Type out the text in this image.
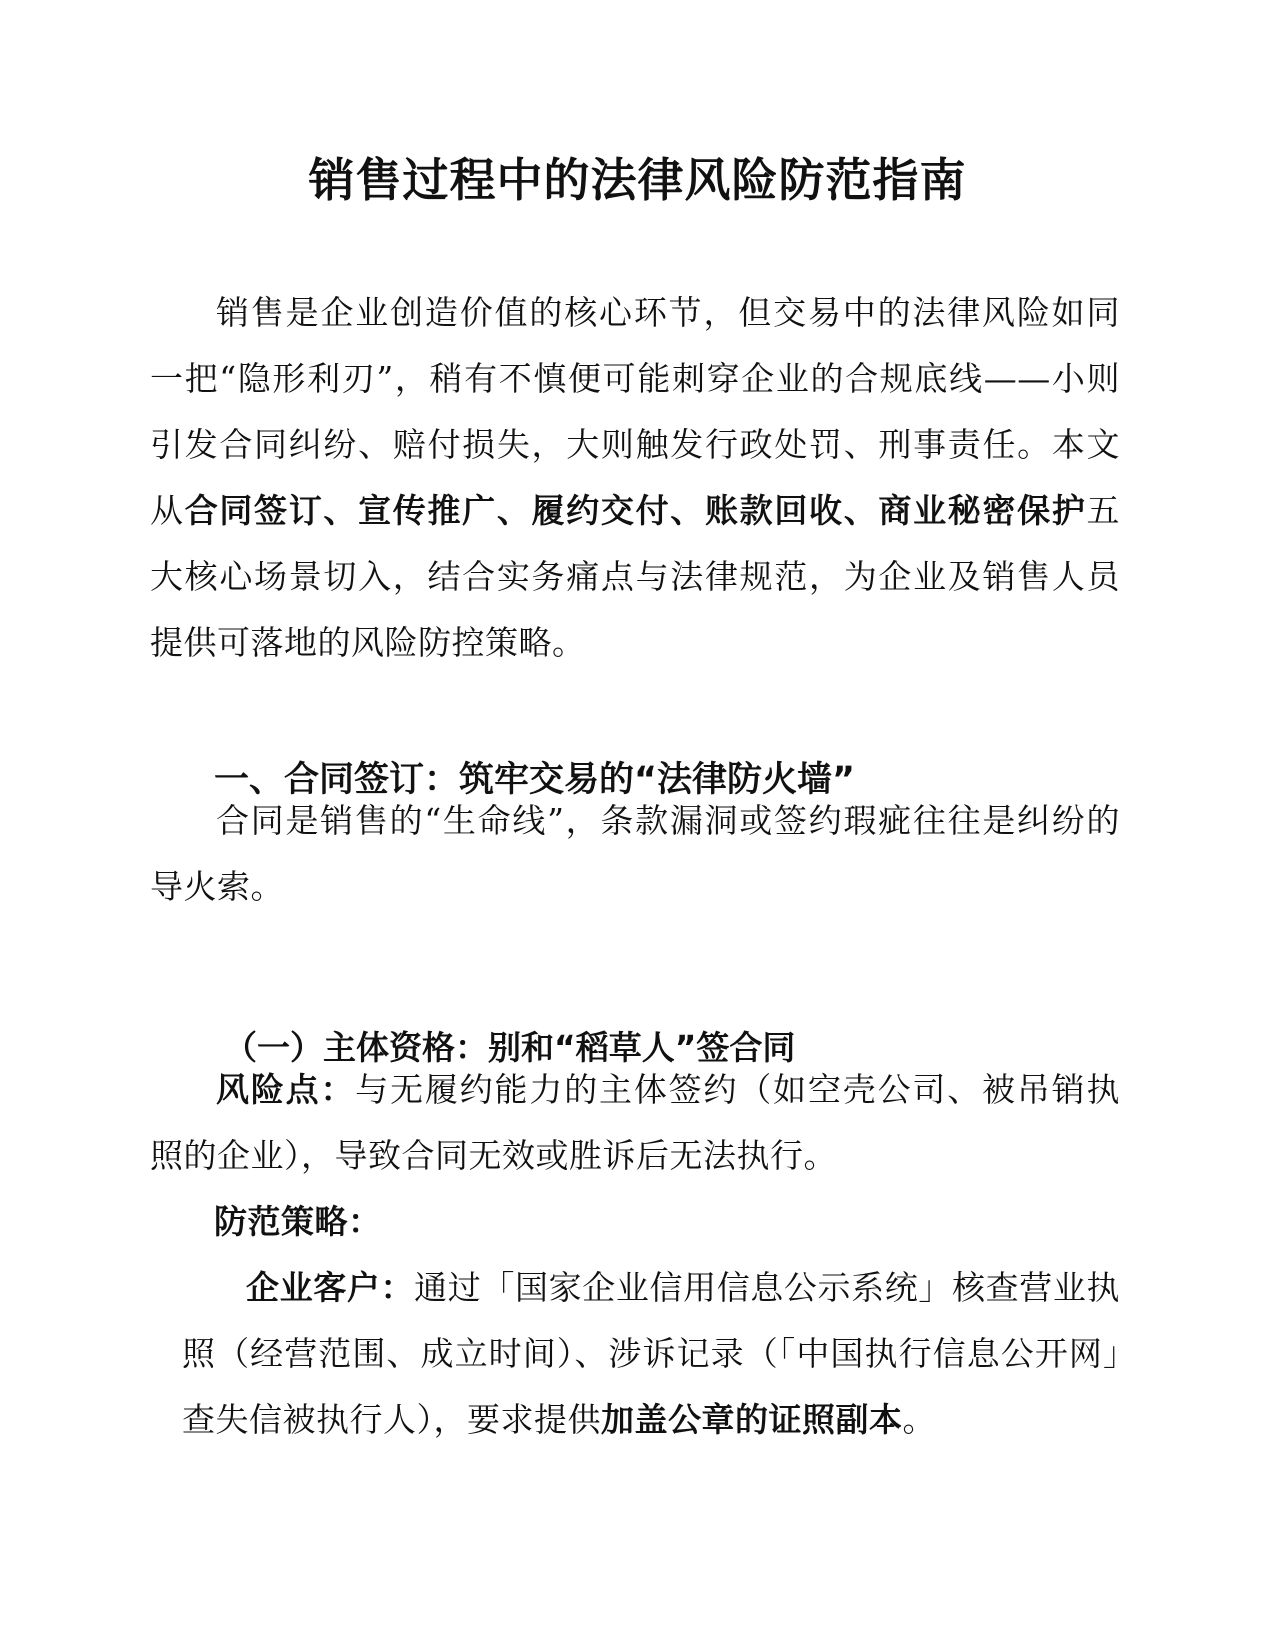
销售过程中的法律风险防范指南

销售是企业创造价值的核心环节，但交易中的法律风险如同一把“隐形利刃”，稍有不慎便可能刺穿企业的合规底线——小则引发合同纠纷、赔付损失，大则触发行政处罚、刑事责任。本文从合同签订、宣传推广、履约交付、账款回收、商业秘密保护五大核心场景切入，结合实务痛点与法律规范，为企业及销售人员提供可落地的风险防控策略。

一、合同签订：筑牢交易的“法律防火墙”

合同是销售的“生命线”，条款漏洞或签约瑕疵往往是纠纷的导火索。

（一）主体资格：别和“稻草人”签合同

风险点：与无履约能力的主体签约（如空壳公司、被吊销执照的企业），导致合同无效或胜诉后无法执行。

防范策略：

企业客户：通过「国家企业信用信息公示系统」核查营业执照（经营范围、成立时间）、涉诉记录（「中国执行信息公开网」查失信被执行人），要求提供加盖公章的证照副本。
